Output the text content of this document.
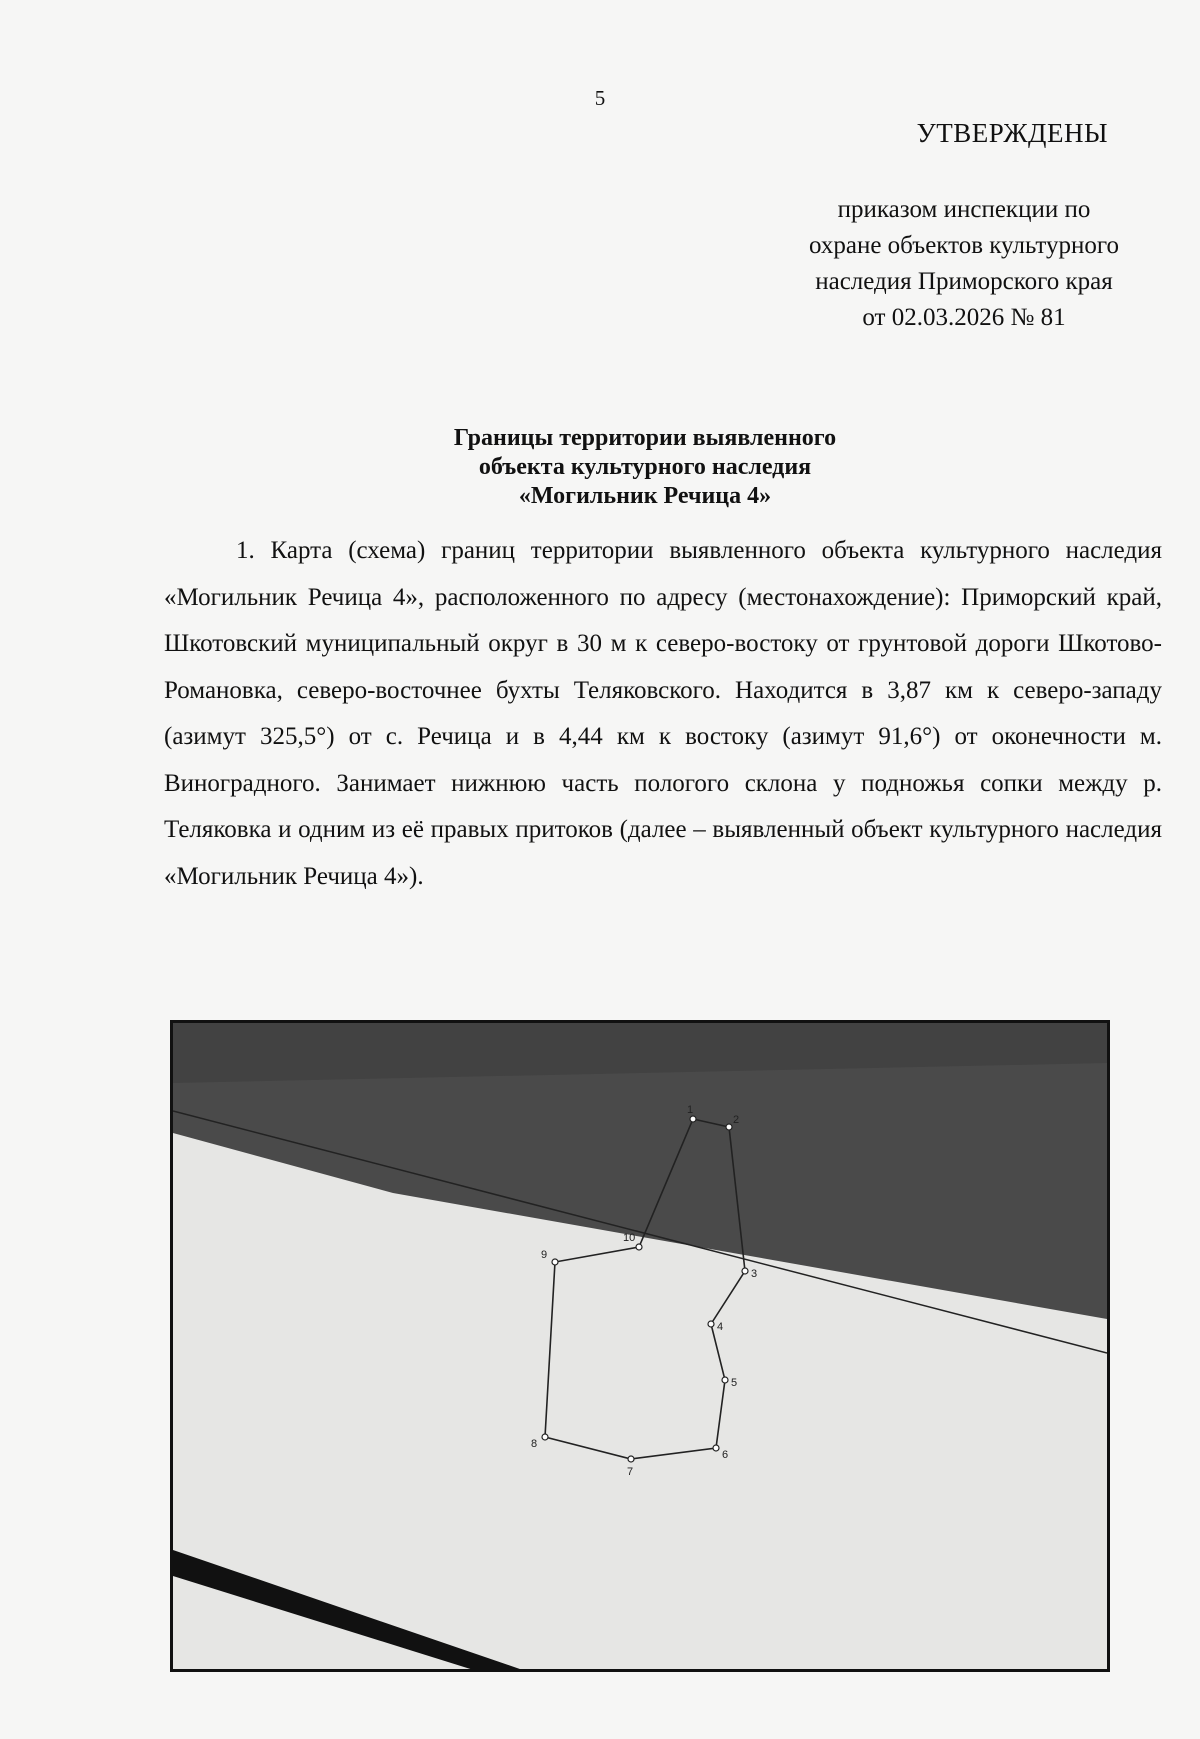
5
УТВЕРЖДЕНЫ
приказом инспекции по
охране объектов культурного
наследия Приморского края
от 02.03.2026 № 81
Границы территории выявленного
объекта культурного наследия
«Могильник Речица 4»
1. Карта (схема) границ территории выявленного объекта культурного наследия «Могильник Речица 4», расположенного по адресу (местонахождение): Приморский край, Шкотовский муниципальный округ в 30 м к северо-востоку от грунтовой дороги Шкотово-Романовка, северо-восточнее бухты Теляковского. Находится в 3,87 км к северо-западу (азимут 325,5°) от с. Речица и в 4,44 км к востоку (азимут 91,6°) от оконечности м. Виноградного. Занимает нижнюю часть пологого склона у подножья сопки между р. Теляковка и одним из её правых притоков (далее – выявленный объект культурного наследия «Могильник Речица 4»).
1
2
3
4
5
6
7
8
9
10
